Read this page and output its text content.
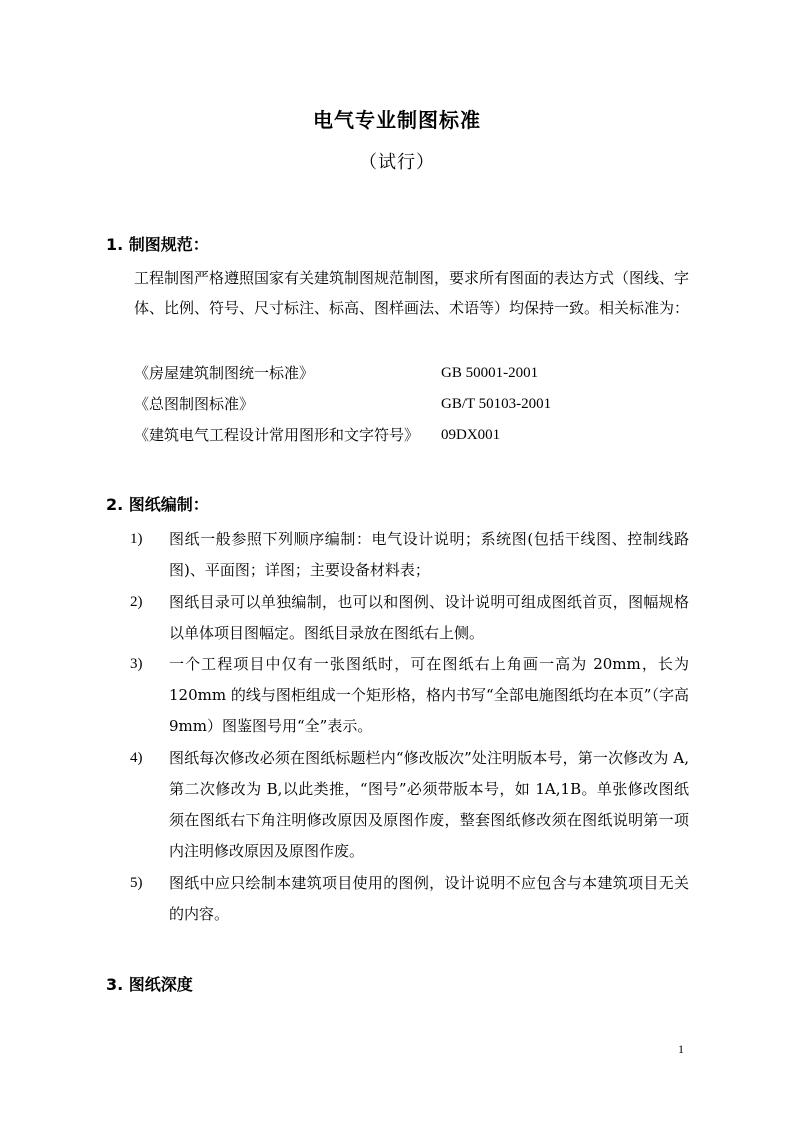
电气专业制图标准
（试行）
1. 制图规范：
工程制图严格遵照国家有关建筑制图规范制图，要求所有图面的表达方式（图线、字体、比例、符号、尺寸标注、标高、图样画法、术语等）均保持一致。相关标准为：
《房屋建筑制图统一标准》	GB 50001-2001
《总图制图标准》	GB/T 50103-2001
《建筑电气工程设计常用图形和文字符号》 09DX001
2. 图纸编制：
1) 图纸一般参照下列顺序编制：电气设计说明；系统图(包括干线图、控制线路图)、平面图；详图；主要设备材料表；
2) 图纸目录可以单独编制，也可以和图例、设计说明可组成图纸首页，图幅规格以单体项目图幅定。图纸目录放在图纸右上侧。
3) 一个工程项目中仅有一张图纸时，可在图纸右上角画一高为 20mm，长为 120mm 的线与图柜组成一个矩形格，格内书写“全部电施图纸均在本页”（字高 9mm）图鉴图号用“全”表示。
4) 图纸每次修改必须在图纸标题栏内“修改版次”处注明版本号，第一次修改为 A,第二次修改为 B,以此类推，“图号”必须带版本号，如 1A,1B。单张修改图纸须在图纸右下角注明修改原因及原图作废，整套图纸修改须在图纸说明第一项内注明修改原因及原图作废。
5) 图纸中应只绘制本建筑项目使用的图例，设计说明不应包含与本建筑项目无关的内容。
3. 图纸深度
1
